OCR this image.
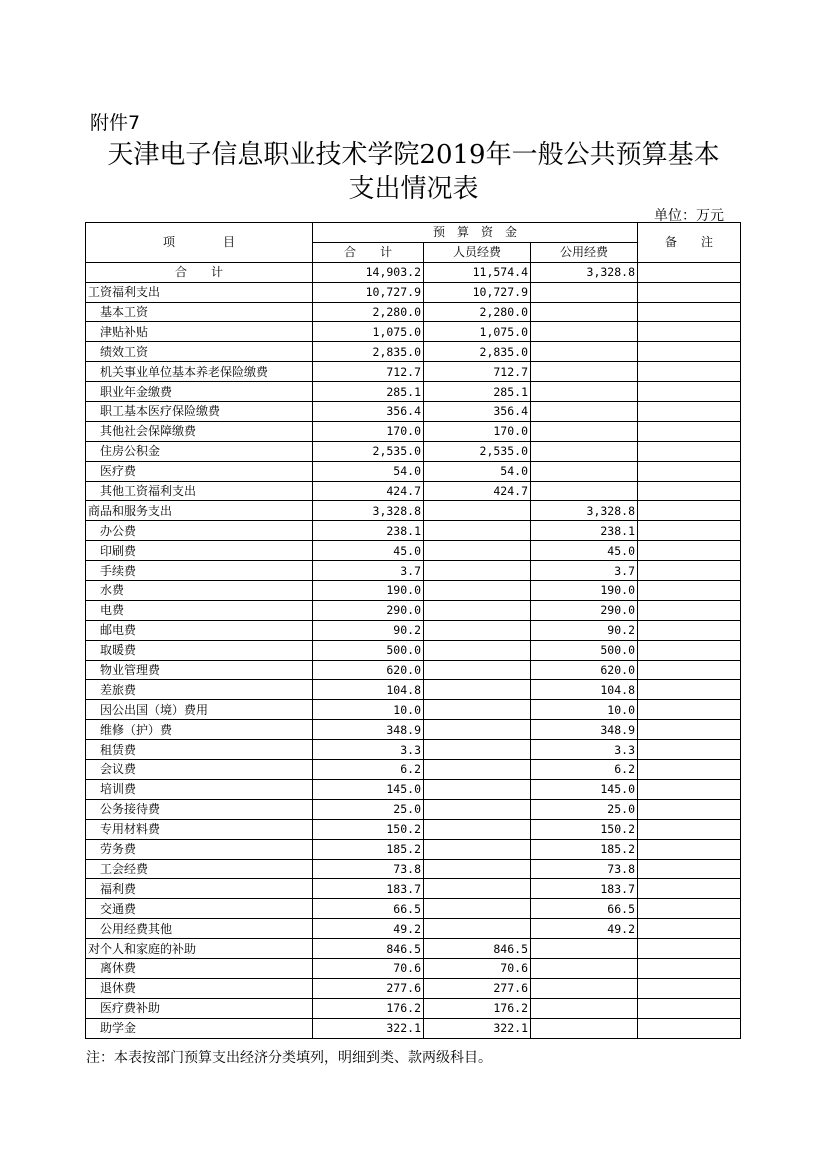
附件7
天津电子信息职业技术学院2019年一般公共预算基本
支出情况表
单位：万元
项　　　　目	预　算　资　金			备　　注
	合　　计	人员经费	公用经费	
合　　计	14,903.2	11,574.4	3,328.8	
工资福利支出	10,727.9	10,727.9		
基本工资	2,280.0	2,280.0		
津贴补贴	1,075.0	1,075.0		
绩效工资	2,835.0	2,835.0		
机关事业单位基本养老保险缴费	712.7	712.7		
职业年金缴费	285.1	285.1		
职工基本医疗保险缴费	356.4	356.4		
其他社会保障缴费	170.0	170.0		
住房公积金	2,535.0	2,535.0		
医疗费	54.0	54.0		
其他工资福利支出	424.7	424.7		
商品和服务支出	3,328.8		3,328.8	
办公费	238.1		238.1	
印刷费	45.0		45.0	
手续费	3.7		3.7	
水费	190.0		190.0	
电费	290.0		290.0	
邮电费	90.2		90.2	
取暖费	500.0		500.0	
物业管理费	620.0		620.0	
差旅费	104.8		104.8	
因公出国（境）费用	10.0		10.0	
维修（护）费	348.9		348.9	
租赁费	3.3		3.3	
会议费	6.2		6.2	
培训费	145.0		145.0	
公务接待费	25.0		25.0	
专用材料费	150.2		150.2	
劳务费	185.2		185.2	
工会经费	73.8		73.8	
福利费	183.7		183.7	
交通费	66.5		66.5	
公用经费其他	49.2		49.2	
对个人和家庭的补助	846.5	846.5		
离休费	70.6	70.6		
退休费	277.6	277.6		
医疗费补助	176.2	176.2		
助学金	322.1	322.1		
注：本表按部门预算支出经济分类填列，明细到类、款两级科目。
